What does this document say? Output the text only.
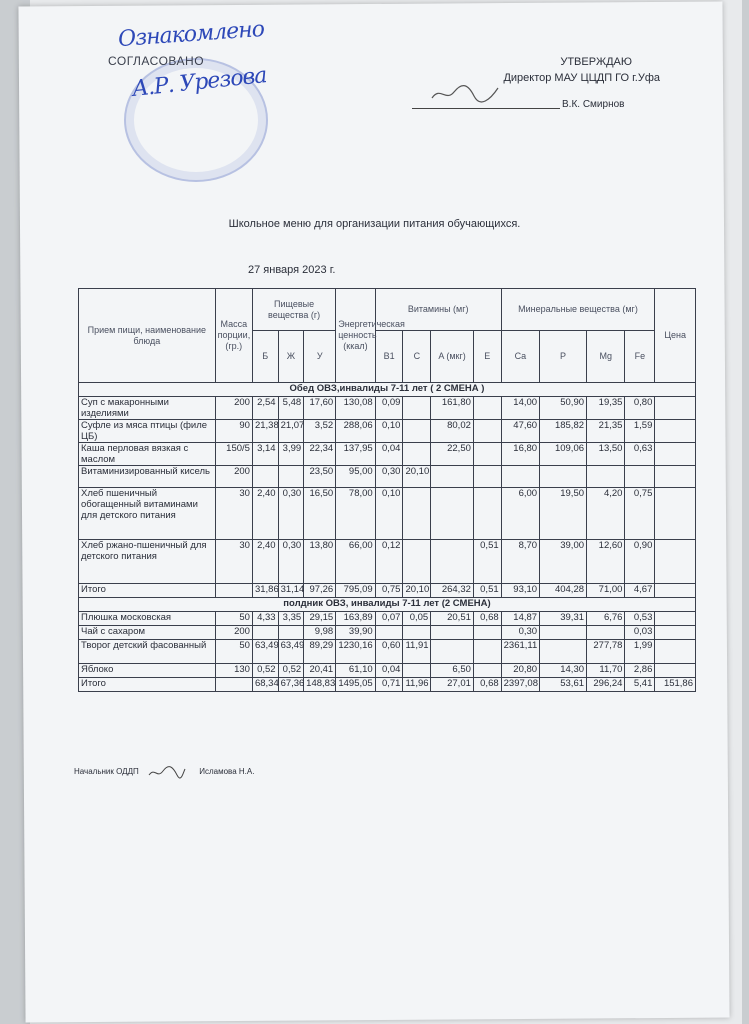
СОГЛАСОВАНО
Ознакомлено
А.Р. Урезова
УТВЕРЖДАЮ
Директор МАУ ЦЦДП ГО г.Уфа
В.К. Смирнов
Школьное меню для организации питания обучающихся.
27 января 2023 г.
Прием пищи, наименование блюда	Масса порции, (гр.)	Пищевые вещества (г)			Энергетическая ценность (ккал)	Витамины (мг)				Минеральные вещества (мг)				Цена
		Б	Ж	У		B1	C	A (мкг)	E	Ca	P	Mg	Fe	
Обед ОВЗ,инвалиды 7-11 лет ( 2 СМЕНА )														
Суп с макаронными изделиями	200	2,54	5,48	17,60	130,08	0,09		161,80		14,00	50,90	19,35	0,80	
Суфле из мяса птицы (филе ЦБ)	90	21,38	21,07	3,52	288,06	0,10		80,02		47,60	185,82	21,35	1,59	
Каша перловая вязкая с маслом	150/5	3,14	3,99	22,34	137,95	0,04		22,50		16,80	109,06	13,50	0,63	
Витаминизированный кисель	200			23,50	95,00	0,30	20,10							
Хлеб пшеничный обогащенный витаминами для детского питания	30	2,40	0,30	16,50	78,00	0,10				6,00	19,50	4,20	0,75	
Хлеб ржано-пшеничный для детского питания	30	2,40	0,30	13,80	66,00	0,12			0,51	8,70	39,00	12,60	0,90	
Итого		31,86	31,14	97,26	795,09	0,75	20,10	264,32	0,51	93,10	404,28	71,00	4,67	
полдник ОВЗ, инвалиды 7-11 лет (2 СМЕНА)														
Плюшка московская	50	4,33	3,35	29,15	163,89	0,07	0,05	20,51	0,68	14,87	39,31	6,76	0,53	
Чай с сахаром	200			9,98	39,90					0,30			0,03	
Творог детский фасованный	50	63,49	63,49	89,29	1230,16	0,60	11,91			2361,11		277,78	1,99	
Яблоко	130	0,52	0,52	20,41	61,10	0,04		6,50		20,80	14,30	11,70	2,86	
Итого		68,34	67,36	148,83	1495,05	0,71	11,96	27,01	0,68	2397,08	53,61	296,24	5,41	151,86
Начальник ОДДП	Исламова Н.А.
